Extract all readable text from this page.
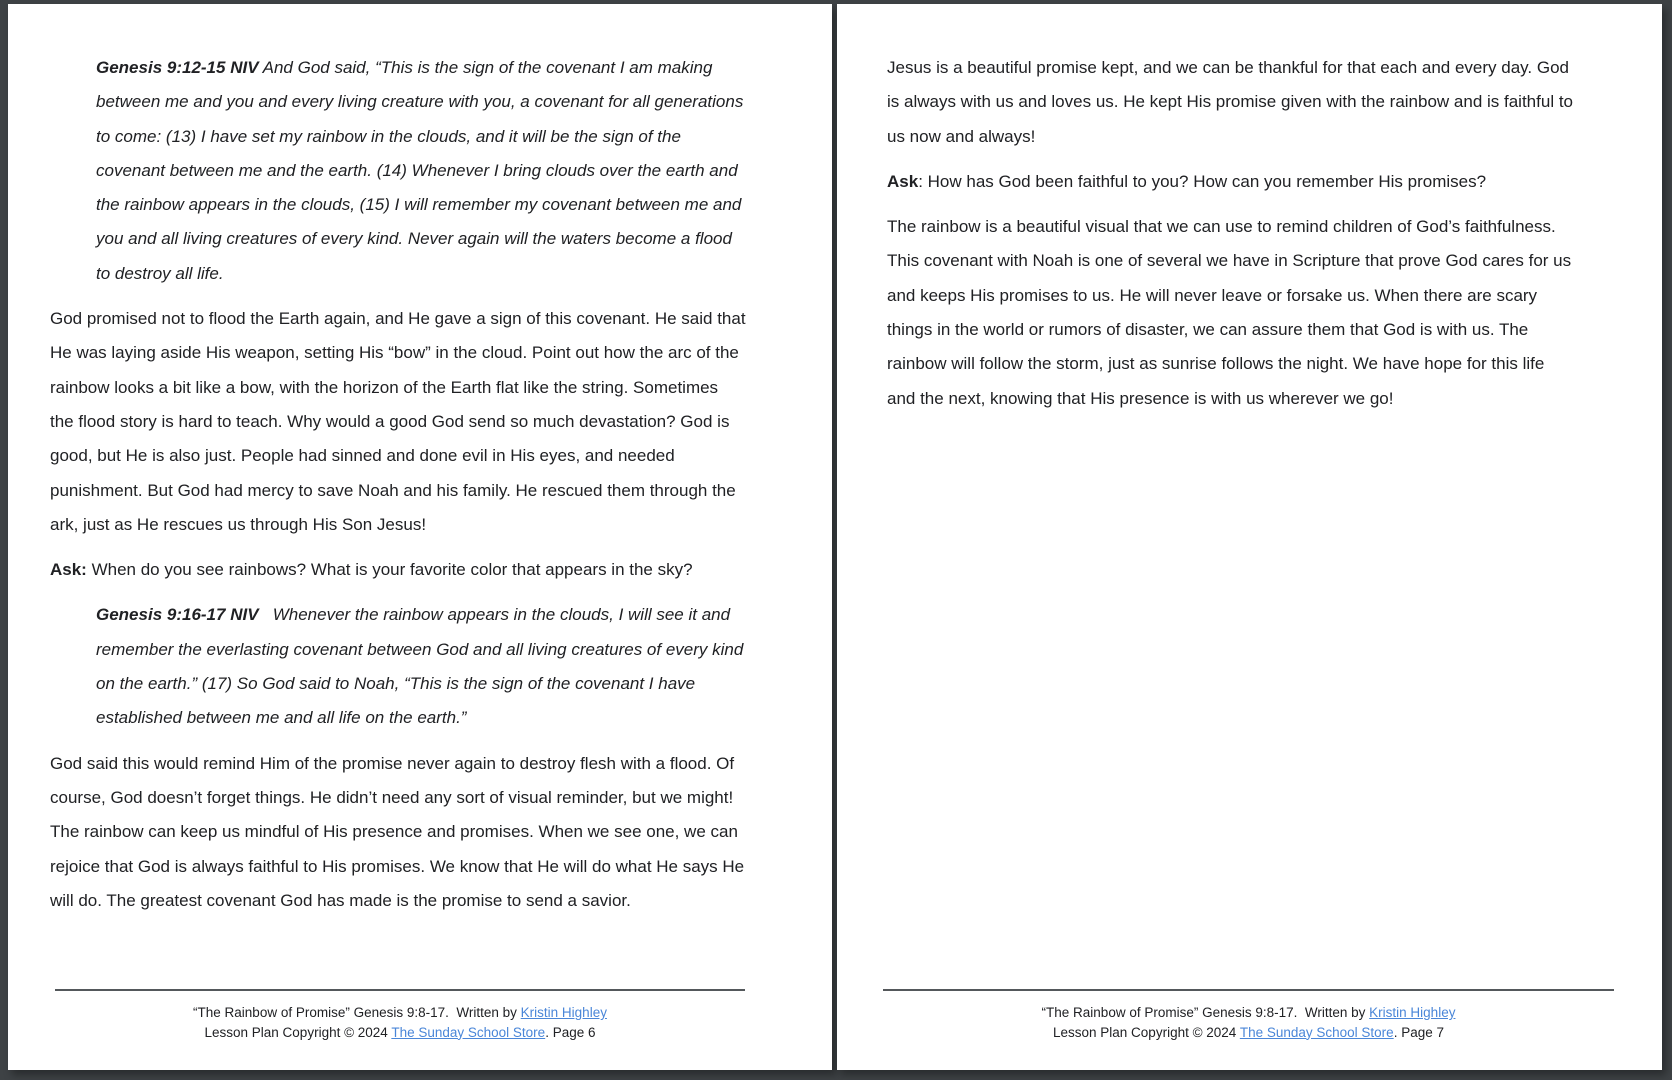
Genesis 9:12-15 NIV And God said, “This is the sign of the covenant I am making between me and you and every living creature with you, a covenant for all generations to come: (13) I have set my rainbow in the clouds, and it will be the sign of the covenant between me and the earth. (14) Whenever I bring clouds over the earth and the rainbow appears in the clouds, (15) I will remember my covenant between me and you and all living creatures of every kind. Never again will the waters become a flood to destroy all life.

God promised not to flood the Earth again, and He gave a sign of this covenant. He said that He was laying aside His weapon, setting His “bow” in the cloud. Point out how the arc of the rainbow looks a bit like a bow, with the horizon of the Earth flat like the string. Sometimes the flood story is hard to teach. Why would a good God send so much devastation? God is good, but He is also just. People had sinned and done evil in His eyes, and needed punishment. But God had mercy to save Noah and his family. He rescued them through the ark, just as He rescues us through His Son Jesus!

Ask: When do you see rainbows? What is your favorite color that appears in the sky?

Genesis 9:16-17 NIV   Whenever the rainbow appears in the clouds, I will see it and remember the everlasting covenant between God and all living creatures of every kind on the earth.” (17) So God said to Noah, “This is the sign of the covenant I have established between me and all life on the earth.”

God said this would remind Him of the promise never again to destroy flesh with a flood. Of course, God doesn’t forget things. He didn’t need any sort of visual reminder, but we might! The rainbow can keep us mindful of His presence and promises. When we see one, we can rejoice that God is always faithful to His promises. We know that He will do what He says He will do. The greatest covenant God has made is the promise to send a savior.

“The Rainbow of Promise” Genesis 9:8-17.  Written by Kristin Highley
Lesson Plan Copyright © 2024 The Sunday School Store. Page 6

Jesus is a beautiful promise kept, and we can be thankful for that each and every day. God is always with us and loves us. He kept His promise given with the rainbow and is faithful to us now and always!

Ask: How has God been faithful to you? How can you remember His promises?

The rainbow is a beautiful visual that we can use to remind children of God’s faithfulness. This covenant with Noah is one of several we have in Scripture that prove God cares for us and keeps His promises to us. He will never leave or forsake us. When there are scary things in the world or rumors of disaster, we can assure them that God is with us. The rainbow will follow the storm, just as sunrise follows the night. We have hope for this life and the next, knowing that His presence is with us wherever we go!

“The Rainbow of Promise” Genesis 9:8-17.  Written by Kristin Highley
Lesson Plan Copyright © 2024 The Sunday School Store. Page 7
